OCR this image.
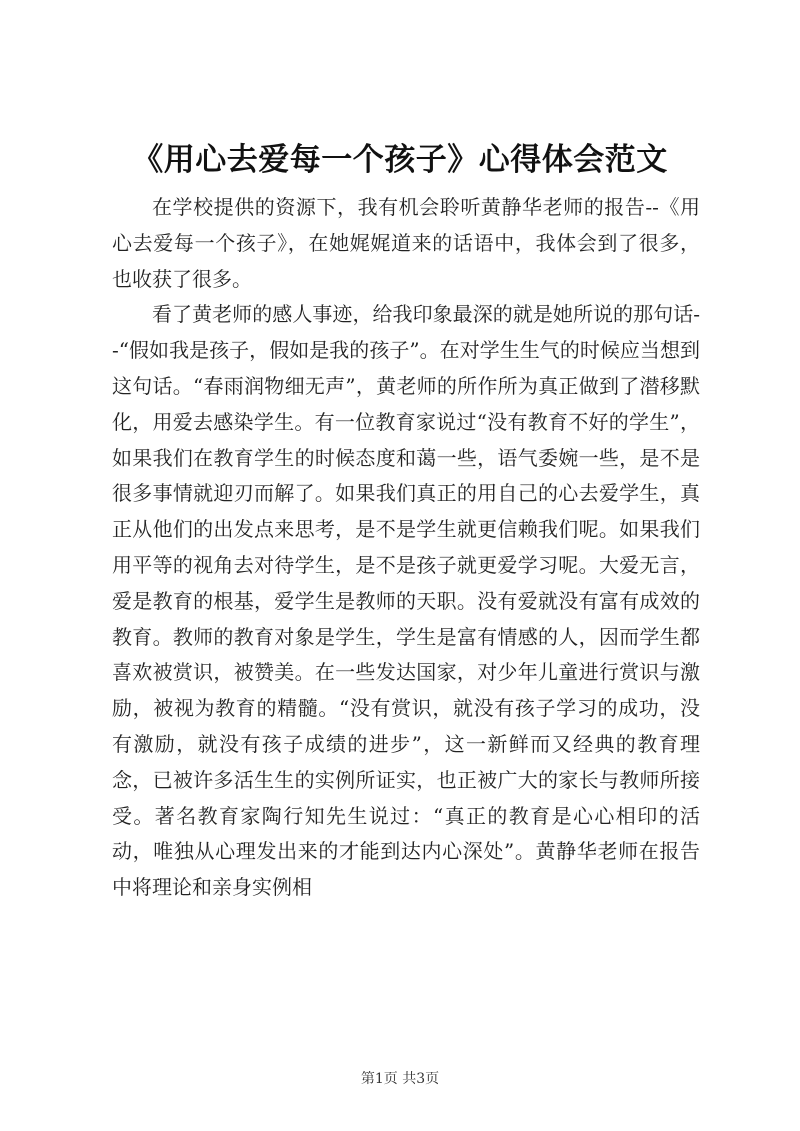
《用心去爱每一个孩子》心得体会范文

在学校提供的资源下，我有机会聆听黄静华老师的报告--《用心去爱每一个孩子》，在她娓娓道来的话语中，我体会到了很多，也收获了很多。

看了黄老师的感人事迹，给我印象最深的就是她所说的那句话--“假如我是孩子，假如是我的孩子”。在对学生生气的时候应当想到这句话。“春雨润物细无声”，黄老师的所作所为真正做到了潜移默化，用爱去感染学生。有一位教育家说过“没有教育不好的学生”，如果我们在教育学生的时候态度和蔼一些，语气委婉一些，是不是很多事情就迎刃而解了。如果我们真正的用自己的心去爱学生，真正从他们的出发点来思考，是不是学生就更信赖我们呢。如果我们用平等的视角去对待学生，是不是孩子就更爱学习呢。大爱无言，爱是教育的根基，爱学生是教师的天职。没有爱就没有富有成效的教育。教师的教育对象是学生，学生是富有情感的人，因而学生都喜欢被赏识，被赞美。在一些发达国家，对少年儿童进行赏识与激励，被视为教育的精髓。“没有赏识，就没有孩子学习的成功，没有激励，就没有孩子成绩的进步”，这一新鲜而又经典的教育理念，已被许多活生生的实例所证实，也正被广大的家长与教师所接受。著名教育家陶行知先生说过：“真正的教育是心心相印的活动，唯独从心理发出来的才能到达内心深处”。黄静华老师在报告中将理论和亲身实例相

第1页 共3页
